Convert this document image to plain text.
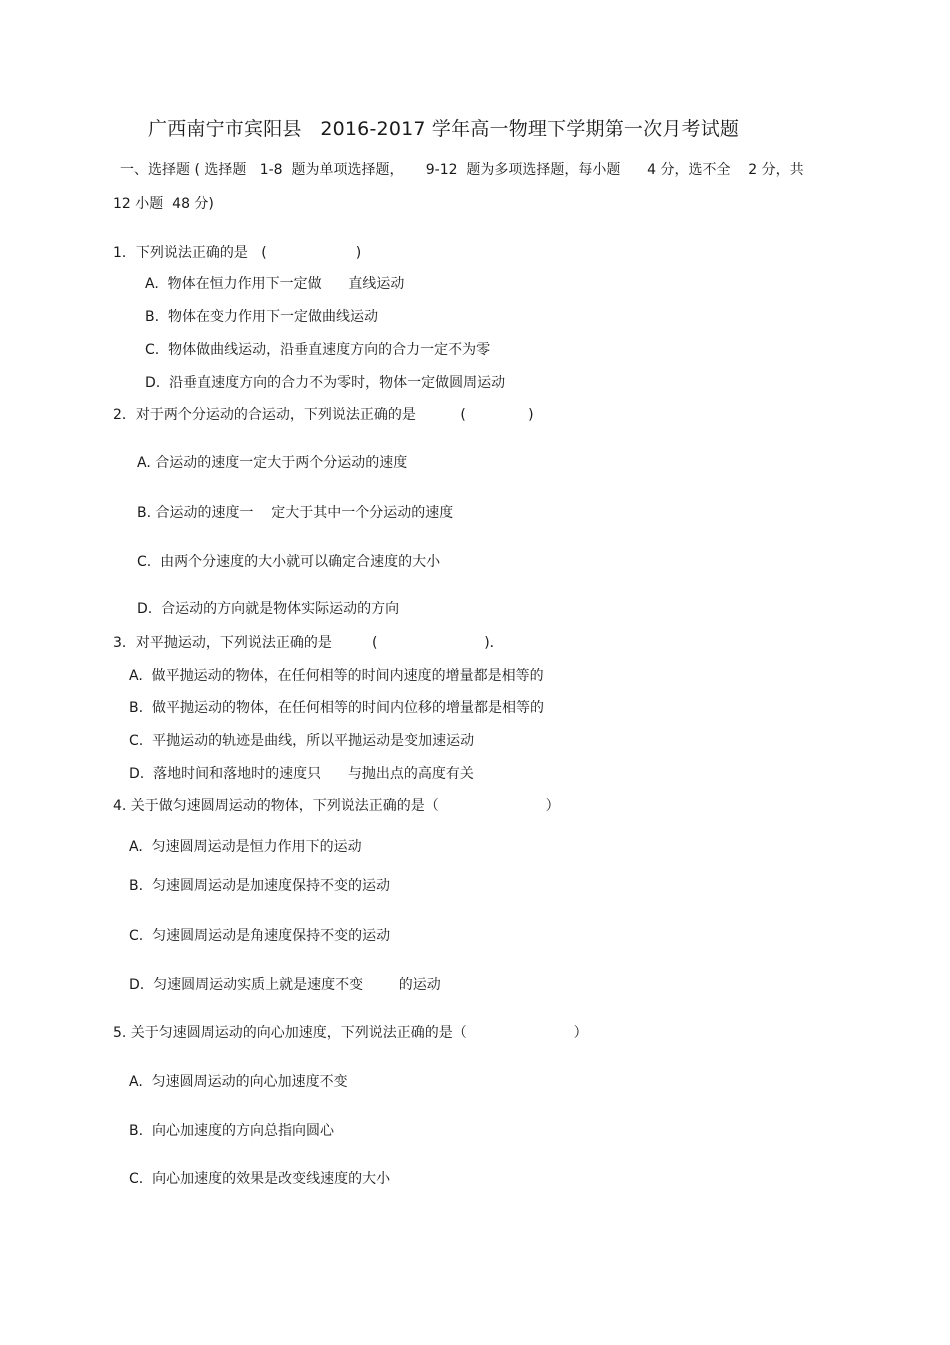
广西南宁市宾阳县   2016-2017 学年高一物理下学期第一次月考试题
一、选择题 ( 选择题   1-8  题为单项选择题，     9-12  题为多项选择题，每小题      4 分，选不全    2 分，共
12 小题  48 分)
1．下列说法正确的是   (                    )
A.  物体在恒力作用下一定做      直线运动
B.  物体在变力作用下一定做曲线运动
C.  物体做曲线运动，沿垂直速度方向的合力一定不为零
D.  沿垂直速度方向的合力不为零时，物体一定做圆周运动
2．对于两个分运动的合运动，下列说法正确的是          (              )
A. 合运动的速度一定大于两个分运动的速度
B. 合运动的速度一    定大于其中一个分运动的速度
C.  由两个分速度的大小就可以确定合速度的大小
D.  合运动的方向就是物体实际运动的方向
3．对平抛运动，下列说法正确的是         (                        )．
A.  做平抛运动的物体，在任何相等的时间内速度的增量都是相等的
B.  做平抛运动的物体，在任何相等的时间内位移的增量都是相等的
C.  平抛运动的轨迹是曲线，所以平抛运动是变加速运动
D.  落地时间和落地时的速度只      与抛出点的高度有关
4. 关于做匀速圆周运动的物体，下列说法正确的是（                        ）
A.  匀速圆周运动是恒力作用下的运动
B.  匀速圆周运动是加速度保持不变的运动
C.  匀速圆周运动是角速度保持不变的运动
D.  匀速圆周运动实质上就是速度不变        的运动
5. 关于匀速圆周运动的向心加速度，下列说法正确的是（                        ）
A.  匀速圆周运动的向心加速度不变
B.  向心加速度的方向总指向圆心
C.  向心加速度的效果是改变线速度的大小
